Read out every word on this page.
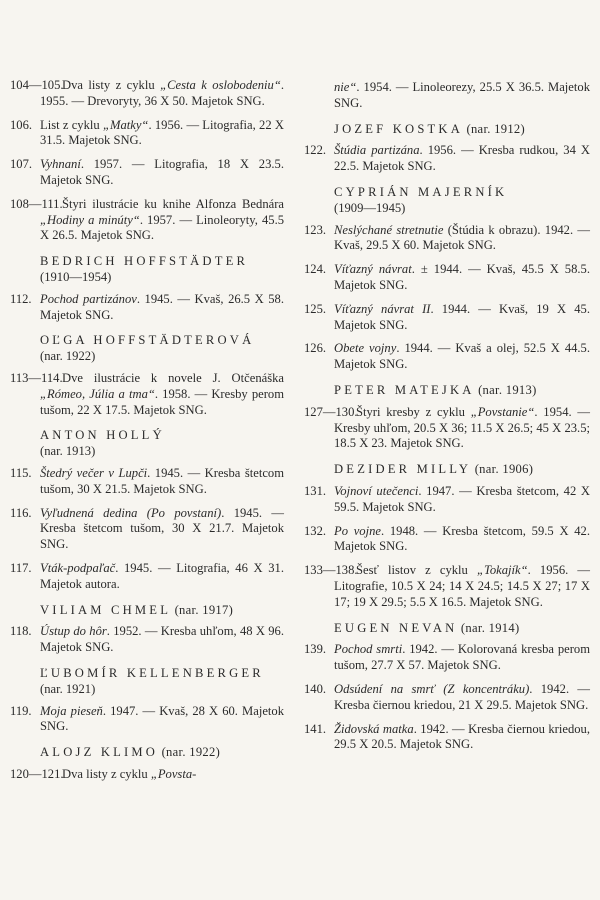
104—105.
Dva listy z cyklu „Cesta k oslobodeniu“. 1955. — Drevoryty, 36 X 50. Majetok SNG.

106. List z cyklu „Matky“. 1956. — Litografia, 22 X 31.5. Majetok SNG.

107. Vyhnaní. 1957. — Litografia, 18 X 23.5. Majetok SNG.

108—111. Štyri ilustrácie ku knihe Alfonza Bednára „Hodiny a minúty“. 1957. — Linoleoryty, 45.5 X 26.5. Majetok SNG.

BEDRICH HOFFSTÄDTER
(1910—1954)

112. Pochod partizánov. 1945. — Kvaš, 26.5 X 58. Majetok SNG.

OĽGA HOFFSTÄDTEROVÁ
(nar. 1922)

113—114. Dve ilustrácie k novele J. Otčenáška „Rómeo, Júlia a tma“. 1958. — Kresby perom tušom, 22 X 17.5. Majetok SNG.

ANTON HOLLÝ
(nar. 1913)

115. Štedrý večer v Lupči. 1945. — Kresba štetcom tušom, 30 X 21.5. Majetok SNG.

116. Vyľudnená dedina (Po povstaní). 1945. — Kresba štetcom tušom, 30 X 21.7. Majetok SNG.

117. Vták-podpaľač. 1945. — Litografia, 46 X 31. Majetok autora.

VILIAM CHMEL (nar. 1917)

118. Ústup do hôr. 1952. — Kresba uhľom, 48 X 96. Majetok SNG.

ĽUBOMÍR KELLENBERGER
(nar. 1921)

119. Moja pieseň. 1947. — Kvaš, 28 X 60. Majetok SNG.

ALOJZ KLIMO (nar. 1922)

120—121.
Dva listy z cyklu „Povsta-

nie“. 1954. — Linoleorezy, 25.5 X 36.5. Majetok SNG.

JOZEF KOSTKA (nar. 1912)

122. Štúdia partizána. 1956. — Kresba rudkou, 34 X 22.5. Majetok SNG.

CYPRIÁN MAJERNÍK
(1909—1945)

123. Neslýchané stretnutie (Štúdia k obrazu). 1942. — Kvaš, 29.5 X 60. Majetok SNG.

124. Víťazný návrat. ± 1944. — Kvaš, 45.5 X 58.5. Majetok SNG.

125. Víťazný návrat II. 1944. — Kvaš, 19 X 45. Majetok SNG.

126. Obete vojny. 1944. — Kvaš a olej, 52.5 X 44.5. Majetok SNG.

PETER MATEJKA (nar. 1913)

127—130.
Štyri kresby z cyklu „Povstanie“. 1954. — Kresby uhľom, 20.5 X 36; 11.5 X 26.5; 45 X 23.5; 18.5 X 23. Majetok SNG.

DEZIDER MILLY (nar. 1906)

131. Vojnoví utečenci. 1947. — Kresba štetcom, 42 X 59.5. Majetok SNG.

132. Po vojne. 1948. — Kresba štetcom, 59.5 X 42. Majetok SNG.

133—138.
Šesť listov z cyklu „Tokajík“. 1956. — Litografie, 10.5 X 24; 14 X 24.5; 14.5 X 27; 17 X 17; 19 X 29.5; 5.5 X 16.5. Majetok SNG.

EUGEN NEVAN (nar. 1914)

139. Pochod smrti. 1942. — Kolorovaná kresba perom tušom, 27.7 X 57. Majetok SNG.

140. Odsúdení na smrť (Z koncentráku). 1942. — Kresba čiernou kriedou, 21 X 29.5. Majetok SNG.

141. Židovská matka. 1942. — Kresba čiernou kriedou, 29.5 X 20.5. Majetok SNG.
